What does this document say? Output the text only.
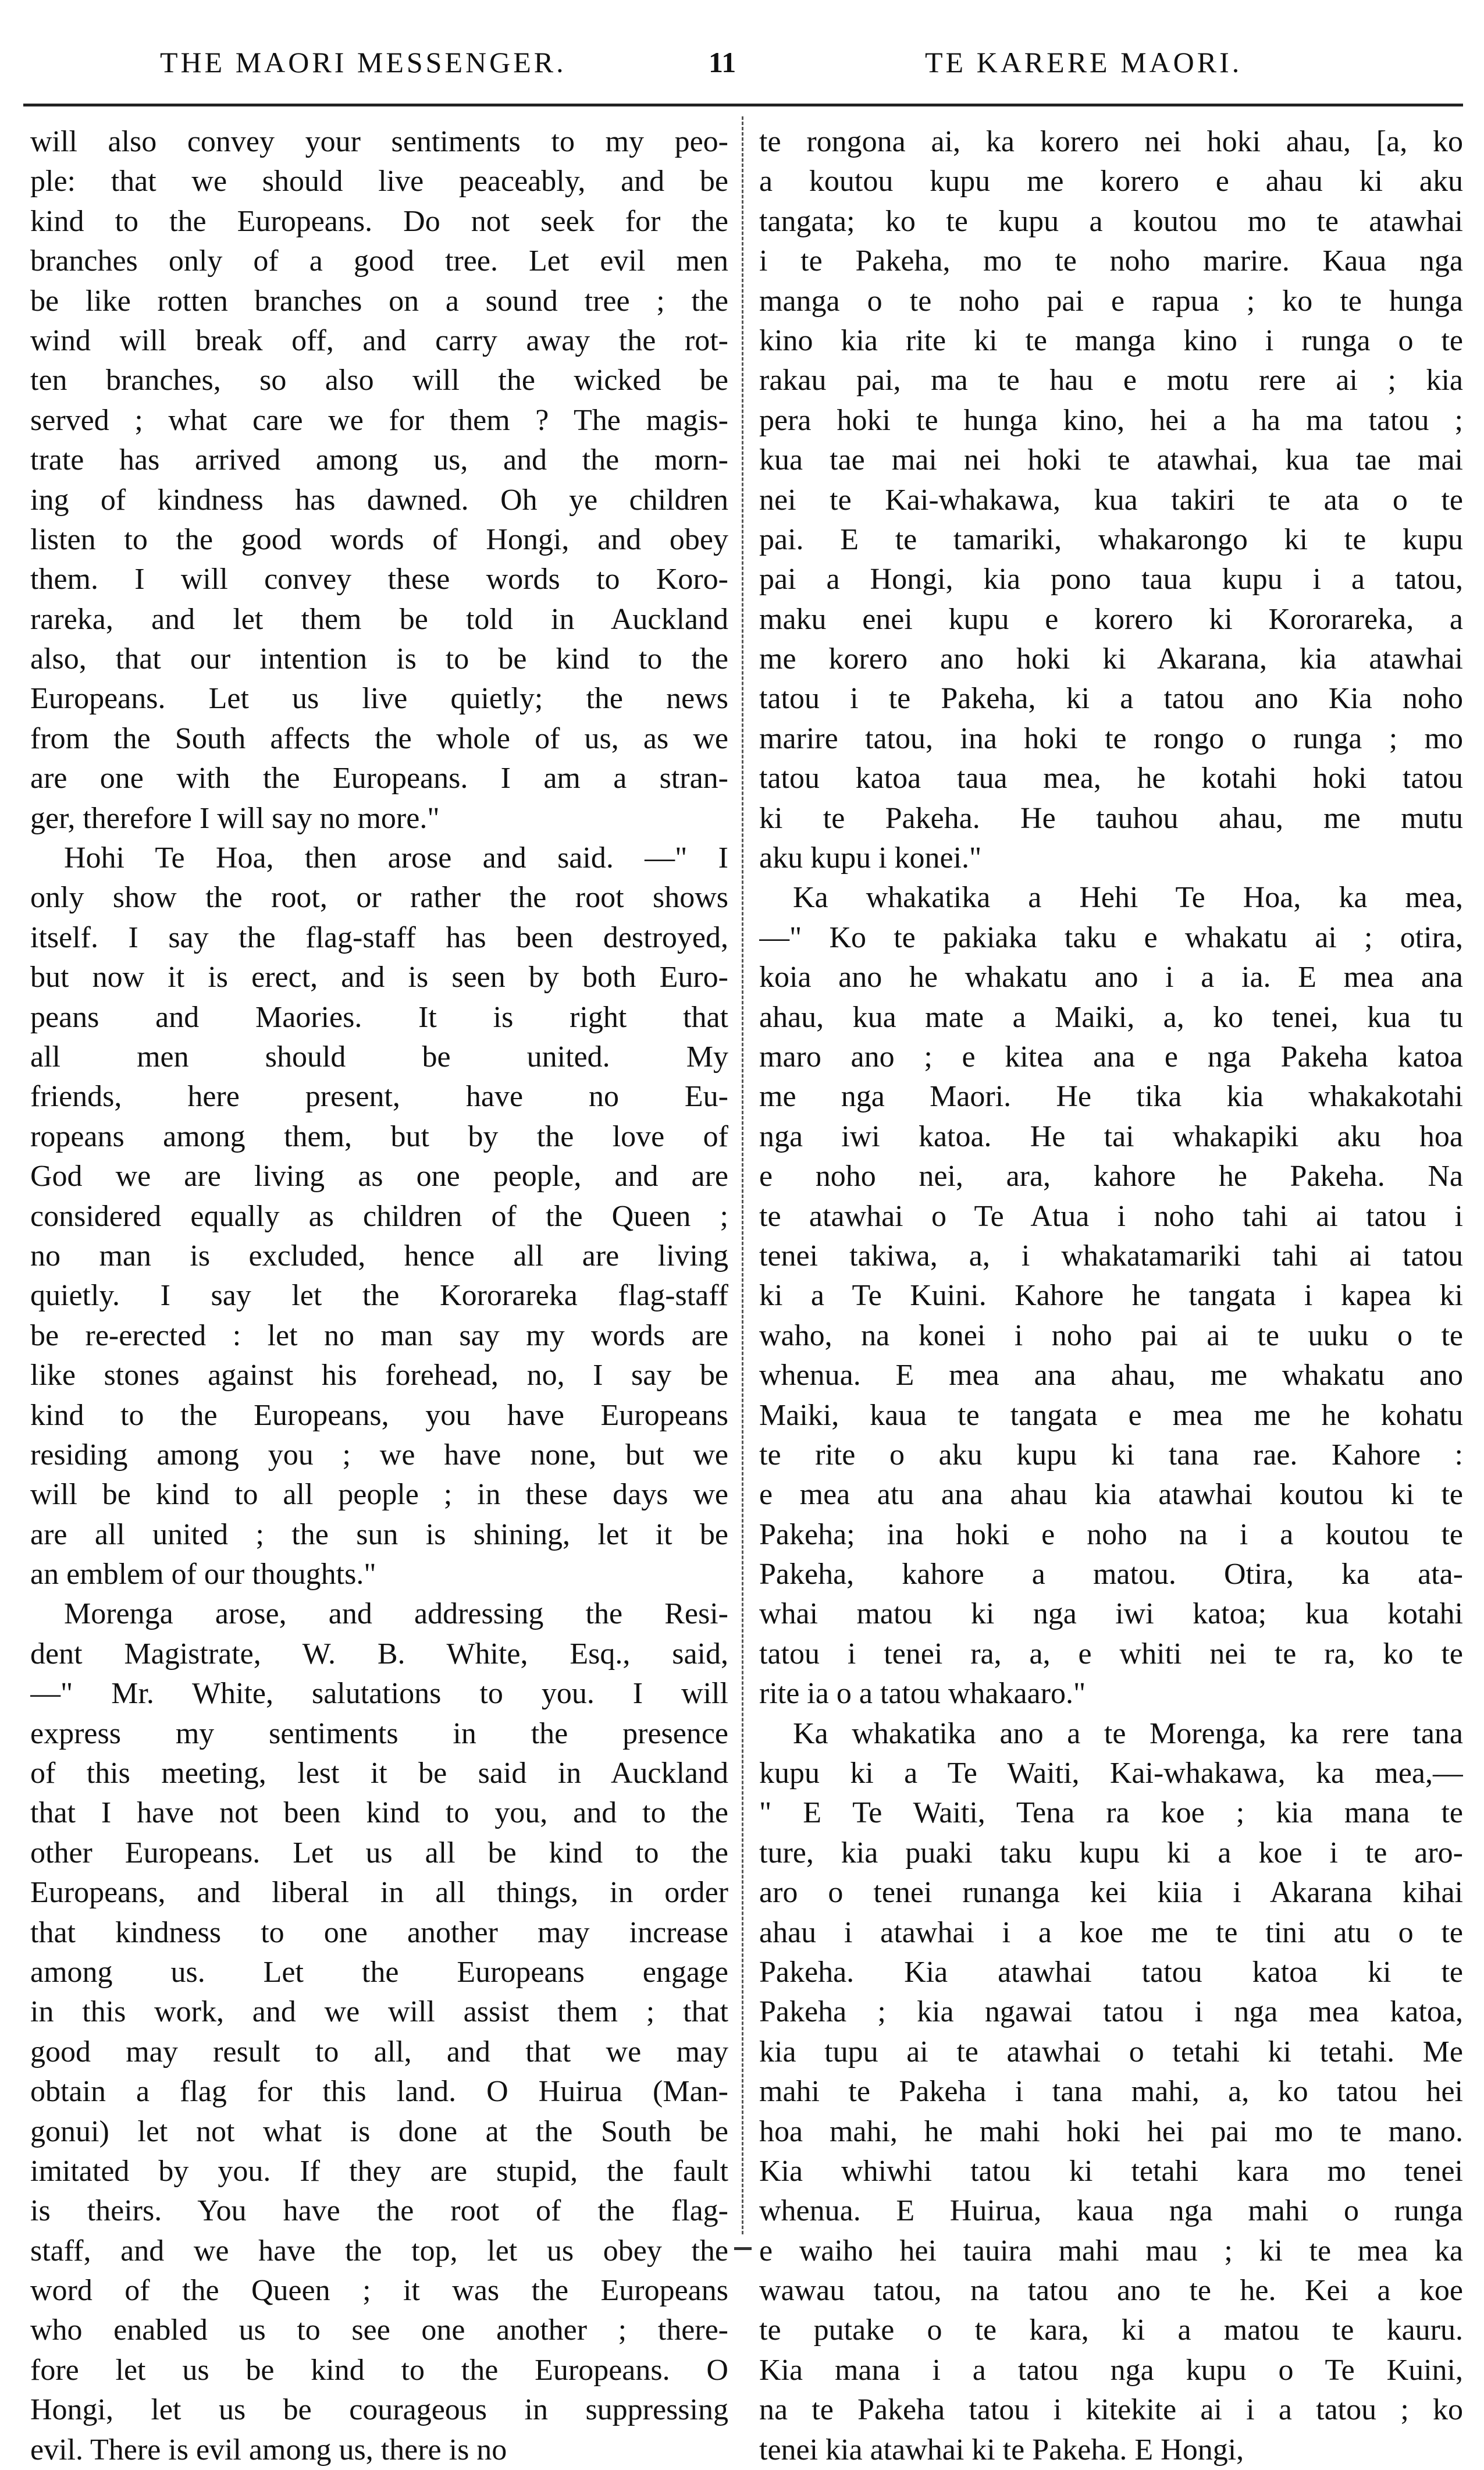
THE MAORI MESSENGER.	11	TE KARERE MAORI.
will also convey your sentiments to my peo-
ple: that we should live peaceably, and be
kind to the Europeans. Do not seek for the
branches only of a good tree. Let evil men
be like rotten branches on a sound tree ; the
wind will break off, and carry away the rot-
ten branches, so also will the wicked be
served ; what care we for them ? The magis-
trate has arrived among us, and the morn-
ing of kindness has dawned. Oh ye children
listen to the good words of Hongi, and obey
them. I will convey these words to Koro-
rareka, and let them be told in Auckland
also, that our intention is to be kind to the
Europeans. Let us live quietly; the news
from the South affects the whole of us, as we
are one with the Europeans. I am a stran-
ger, therefore I will say no more."
Hohi Te Hoa, then arose and said. —" I
only show the root, or rather the root shows
itself. I say the flag-staff has been destroyed,
but now it is erect, and is seen by both Euro-
peans and Maories. It is right that
all men should be united. My
friends, here present, have no Eu-
ropeans among them, but by the love of
God we are living as one people, and are
considered equally as children of the Queen ;
no man is excluded, hence all are living
quietly. I say let the Kororareka flag-staff
be re-erected : let no man say my words are
like stones against his forehead, no, I say be
kind to the Europeans, you have Europeans
residing among you ; we have none, but we
will be kind to all people ; in these days we
are all united ; the sun is shining, let it be
an emblem of our thoughts."
Morenga arose, and addressing the Resi-
dent Magistrate, W. B. White, Esq., said,
—" Mr. White, salutations to you. I will
express my sentiments in the presence
of this meeting, lest it be said in Auckland
that I have not been kind to you, and to the
other Europeans. Let us all be kind to the
Europeans, and liberal in all things, in order
that kindness to one another may increase
among us. Let the Europeans engage
in this work, and we will assist them ; that
good may result to all, and that we may
obtain a flag for this land. O Huirua (Man-
gonui) let not what is done at the South be
imitated by you. If they are stupid, the fault
is theirs. You have the root of the flag-
staff, and we have the top, let us obey the
word of the Queen ; it was the Europeans
who enabled us to see one another ; there-
fore let us be kind to the Europeans. O
Hongi, let us be courageous in suppressing
evil. There is evil among us, there is no
te rongona ai, ka korero nei hoki ahau, [a, ko
a koutou kupu me korero e ahau ki aku
tangata; ko te kupu a koutou mo te atawhai
i te Pakeha, mo te noho marire. Kaua nga
manga o te noho pai e rapua ; ko te hunga
kino kia rite ki te manga kino i runga o te
rakau pai, ma te hau e motu rere ai ; kia
pera hoki te hunga kino, hei a ha ma tatou ;
kua tae mai nei hoki te atawhai, kua tae mai
nei te Kai-whakawa, kua takiri te ata o te
pai. E te tamariki, whakarongo ki te kupu
pai a Hongi, kia pono taua kupu i a tatou,
maku enei kupu e korero ki Kororareka, a
me korero ano hoki ki Akarana, kia atawhai
tatou i te Pakeha, ki a tatou ano Kia noho
marire tatou, ina hoki te rongo o runga ; mo
tatou katoa taua mea, he kotahi hoki tatou
ki te Pakeha. He tauhou ahau, me mutu
aku kupu i konei."
Ka whakatika a Hehi Te Hoa, ka mea,
—" Ko te pakiaka taku e whakatu ai ; otira,
koia ano he whakatu ano i a ia. E mea ana
ahau, kua mate a Maiki, a, ko tenei, kua tu
maro ano ; e kitea ana e nga Pakeha katoa
me nga Maori. He tika kia whakakotahi
nga iwi katoa. He tai whakapiki aku hoa
e noho nei, ara, kahore he Pakeha. Na
te atawhai o Te Atua i noho tahi ai tatou i
tenei takiwa, a, i whakatamariki tahi ai tatou
ki a Te Kuini. Kahore he tangata i kapea ki
waho, na konei i noho pai ai te uuku o te
whenua. E mea ana ahau, me whakatu ano
Maiki, kaua te tangata e mea me he kohatu
te rite o aku kupu ki tana rae. Kahore :
e mea atu ana ahau kia atawhai koutou ki te
Pakeha; ina hoki e noho na i a koutou te
Pakeha, kahore a matou. Otira, ka ata-
whai matou ki nga iwi katoa; kua kotahi
tatou i tenei ra, a, e whiti nei te ra, ko te
rite ia o a tatou whakaaro."
Ka whakatika ano a te Morenga, ka rere tana
kupu ki a Te Waiti, Kai-whakawa, ka mea,—
" E Te Waiti, Tena ra koe ; kia mana te
ture, kia puaki taku kupu ki a koe i te aro-
aro o tenei runanga kei kiia i Akarana kihai
ahau i atawhai i a koe me te tini atu o te
Pakeha. Kia atawhai tatou katoa ki te
Pakeha ; kia ngawai tatou i nga mea katoa,
kia tupu ai te atawhai o tetahi ki tetahi. Me
mahi te Pakeha i tana mahi, a, ko tatou hei
hoa mahi, he mahi hoki hei pai mo te mano.
Kia whiwhi tatou ki tetahi kara mo tenei
whenua. E Huirua, kaua nga mahi o runga
e waiho hei tauira mahi mau ; ki te mea ka
wawau tatou, na tatou ano te he. Kei a koe
te putake o te kara, ki a matou te kauru.
Kia mana i a tatou nga kupu o Te Kuini,
na te Pakeha tatou i kitekite ai i a tatou ; ko
tenei kia atawhai ki te Pakeha. E Hongi,
